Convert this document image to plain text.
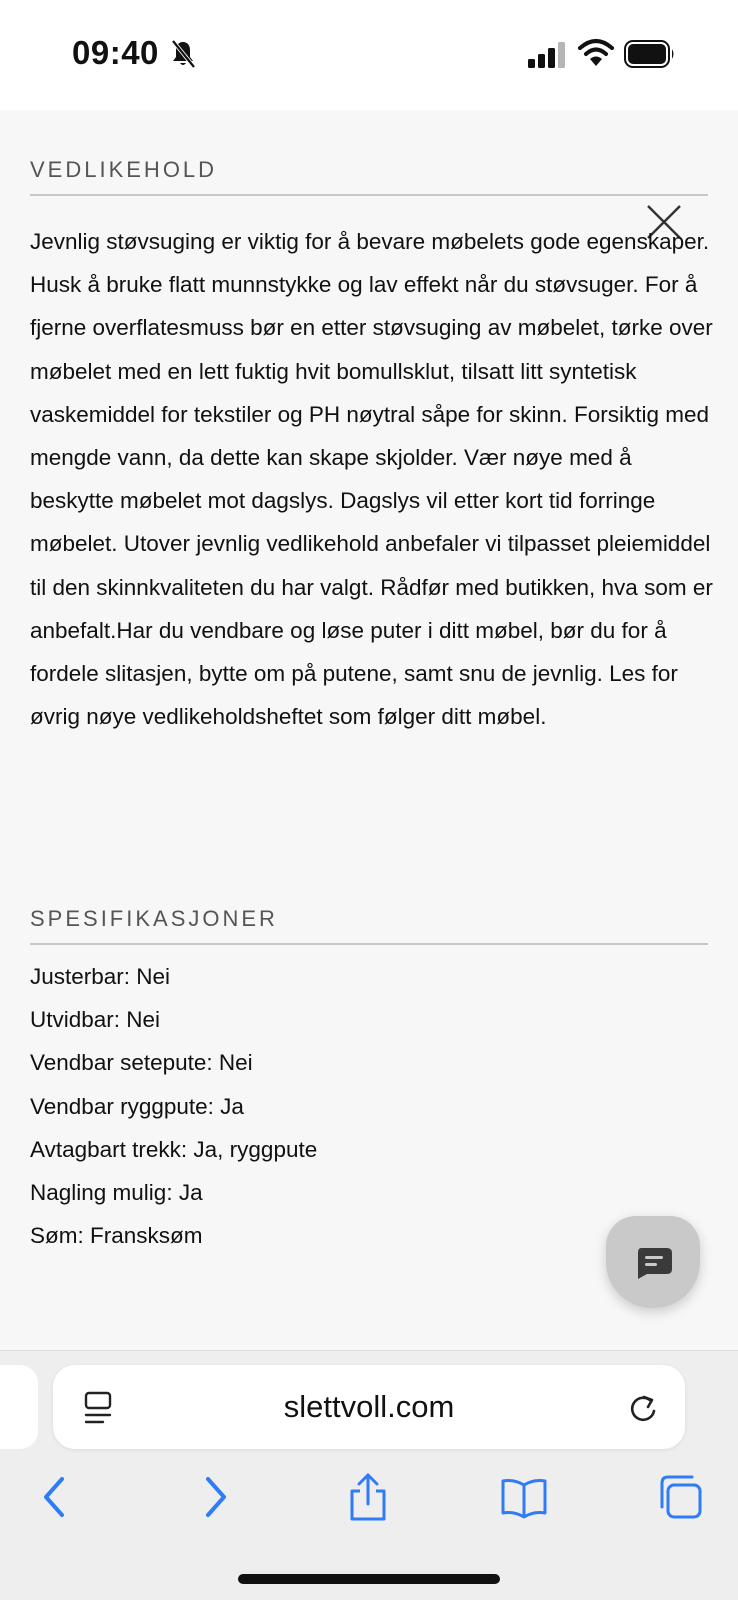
09:40
VEDLIKEHOLD

Jevnlig støvsuging er viktig for å bevare møbelets gode egenskaper. Husk å bruke flatt munnstykke og lav effekt når du støvsuger. For å fjerne overflatesmuss bør en etter støvsuging av møbelet, tørke over møbelet med en lett fuktig hvit bomullsklut, tilsatt litt syntetisk vaskemiddel for tekstiler og PH nøytral såpe for skinn. Forsiktig med mengde vann, da dette kan skape skjolder. Vær nøye med å beskytte møbelet mot dagslys. Dagslys vil etter kort tid forringe møbelet. Utover jevnlig vedlikehold anbefaler vi tilpasset pleiemiddel til den skinnkvaliteten du har valgt. Rådfør med butikken, hva som er anbefalt.Har du vendbare og løse puter i ditt møbel, bør du for å fordele slitasjen, bytte om på putene, samt snu de jevnlig. Les for øvrig nøye vedlikeholdsheftet som følger ditt møbel.

SPESIFIKASJONER
Justerbar: Nei
Utvidbar: Nei
Vendbar setepute: Nei
Vendbar ryggpute: Ja
Avtagbart trekk: Ja, ryggpute
Nagling mulig: Ja
Søm: Fransksøm
slettvoll.com
